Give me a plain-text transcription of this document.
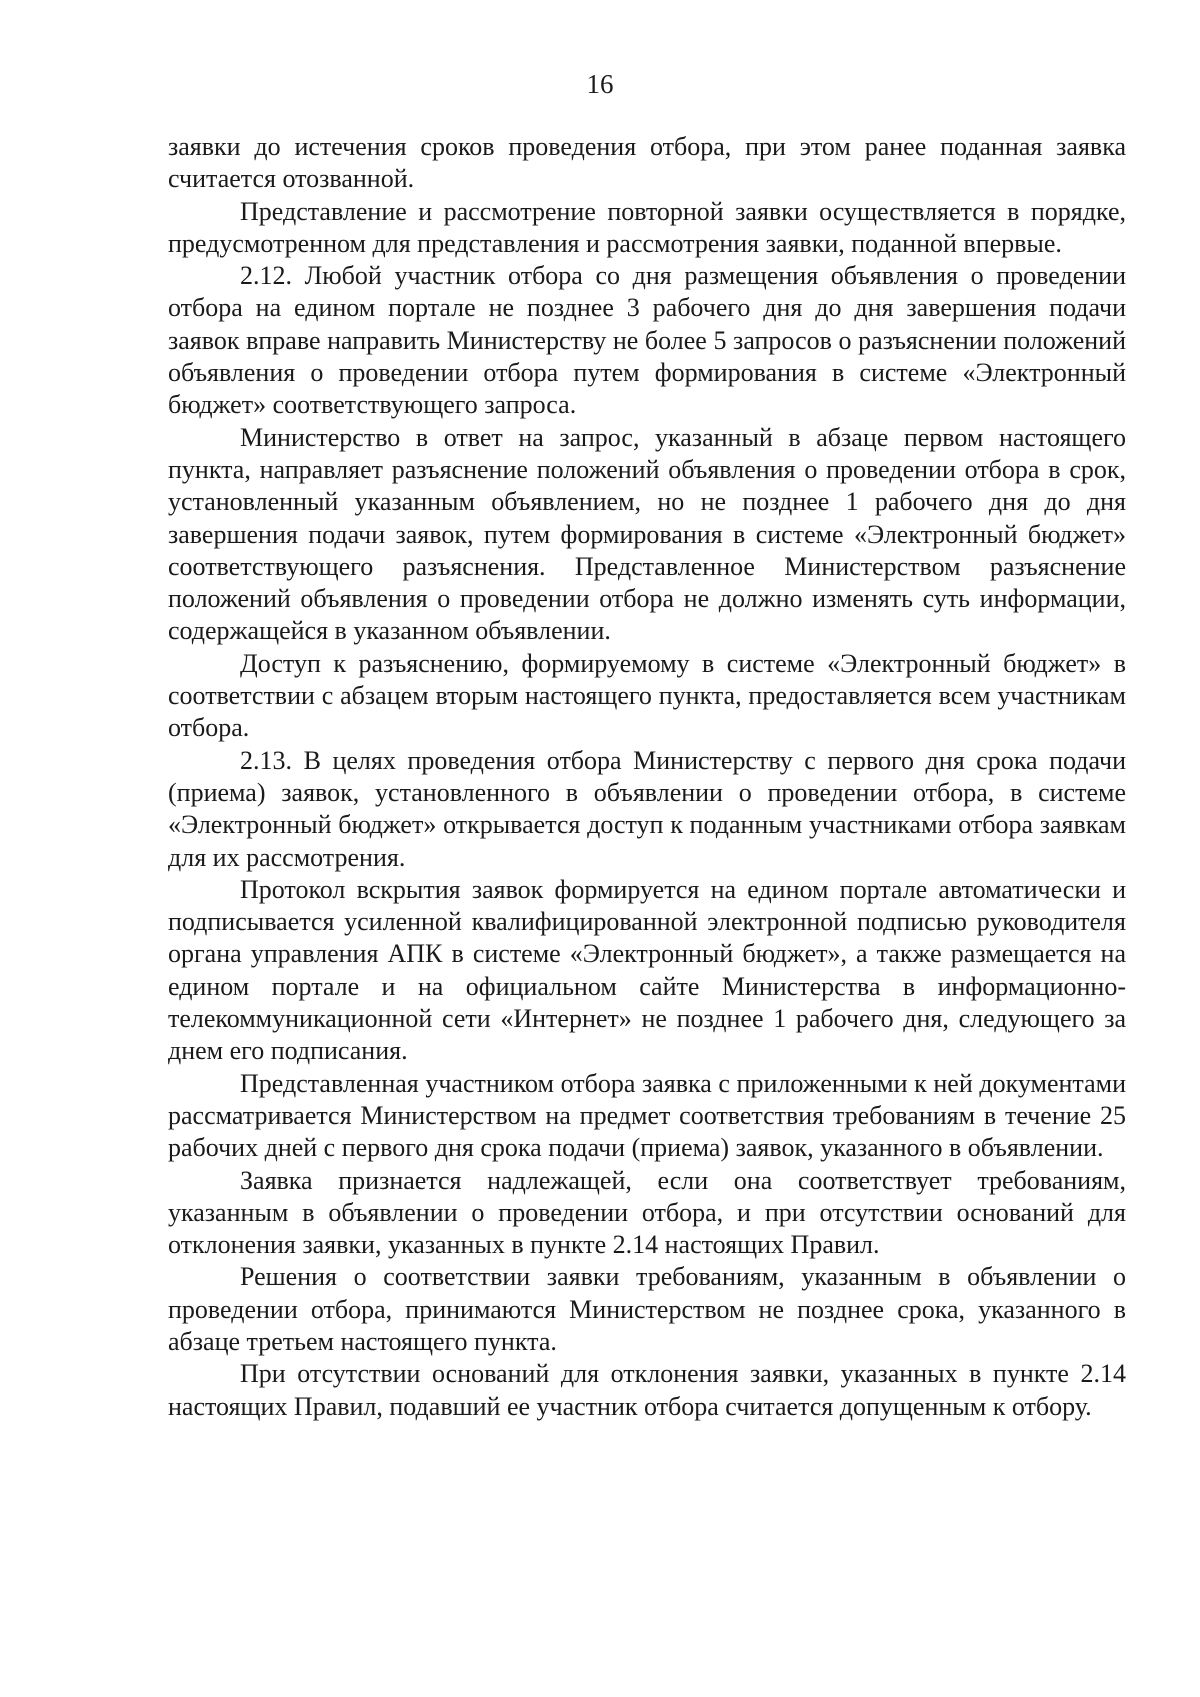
16

заявки до истечения сроков проведения отбора, при этом ранее поданная заявка считается отозванной.

Представление и рассмотрение повторной заявки осуществляется в порядке, предусмотренном для представления и рассмотрения заявки, поданной впервые.

2.12. Любой участник отбора со дня размещения объявления о проведении отбора на едином портале не позднее 3 рабочего дня до дня завершения подачи заявок вправе направить Министерству не более 5 запросов о разъяснении положений объявления о проведении отбора путем формирования в системе «Электронный бюджет» соответствующего запроса.

Министерство в ответ на запрос, указанный в абзаце первом настоящего пункта, направляет разъяснение положений объявления о проведении отбора в срок, установленный указанным объявлением, но не позднее 1 рабочего дня до дня завершения подачи заявок, путем формирования в системе «Электронный бюджет» соответствующего разъяснения. Представленное Министерством разъяснение положений объявления о проведении отбора не должно изменять суть информации, содержащейся в указанном объявлении.

Доступ к разъяснению, формируемому в системе «Электронный бюджет» в соответствии с абзацем вторым настоящего пункта, предоставляется всем участникам отбора.

2.13. В целях проведения отбора Министерству с первого дня срока подачи (приема) заявок, установленного в объявлении о проведении отбора, в системе «Электронный бюджет» открывается доступ к поданным участниками отбора заявкам для их рассмотрения.

Протокол вскрытия заявок формируется на едином портале автоматически и подписывается усиленной квалифицированной электронной подписью руководителя органа управления АПК в системе «Электронный бюджет», а также размещается на едином портале и на официальном сайте Министерства в информационно-телекоммуникационной сети «Интернет» не позднее 1 рабочего дня, следующего за днем его подписания.

Представленная участником отбора заявка с приложенными к ней документами рассматривается Министерством на предмет соответствия требованиям в течение 25 рабочих дней с первого дня срока подачи (приема) заявок, указанного в объявлении.

Заявка признается надлежащей, если она соответствует требованиям, указанным в объявлении о проведении отбора, и при отсутствии оснований для отклонения заявки, указанных в пункте 2.14 настоящих Правил.

Решения о соответствии заявки требованиям, указанным в объявлении о проведении отбора, принимаются Министерством не позднее срока, указанного в абзаце третьем настоящего пункта.

При отсутствии оснований для отклонения заявки, указанных в пункте 2.14 настоящих Правил, подавший ее участник отбора считается допущенным к отбору.
